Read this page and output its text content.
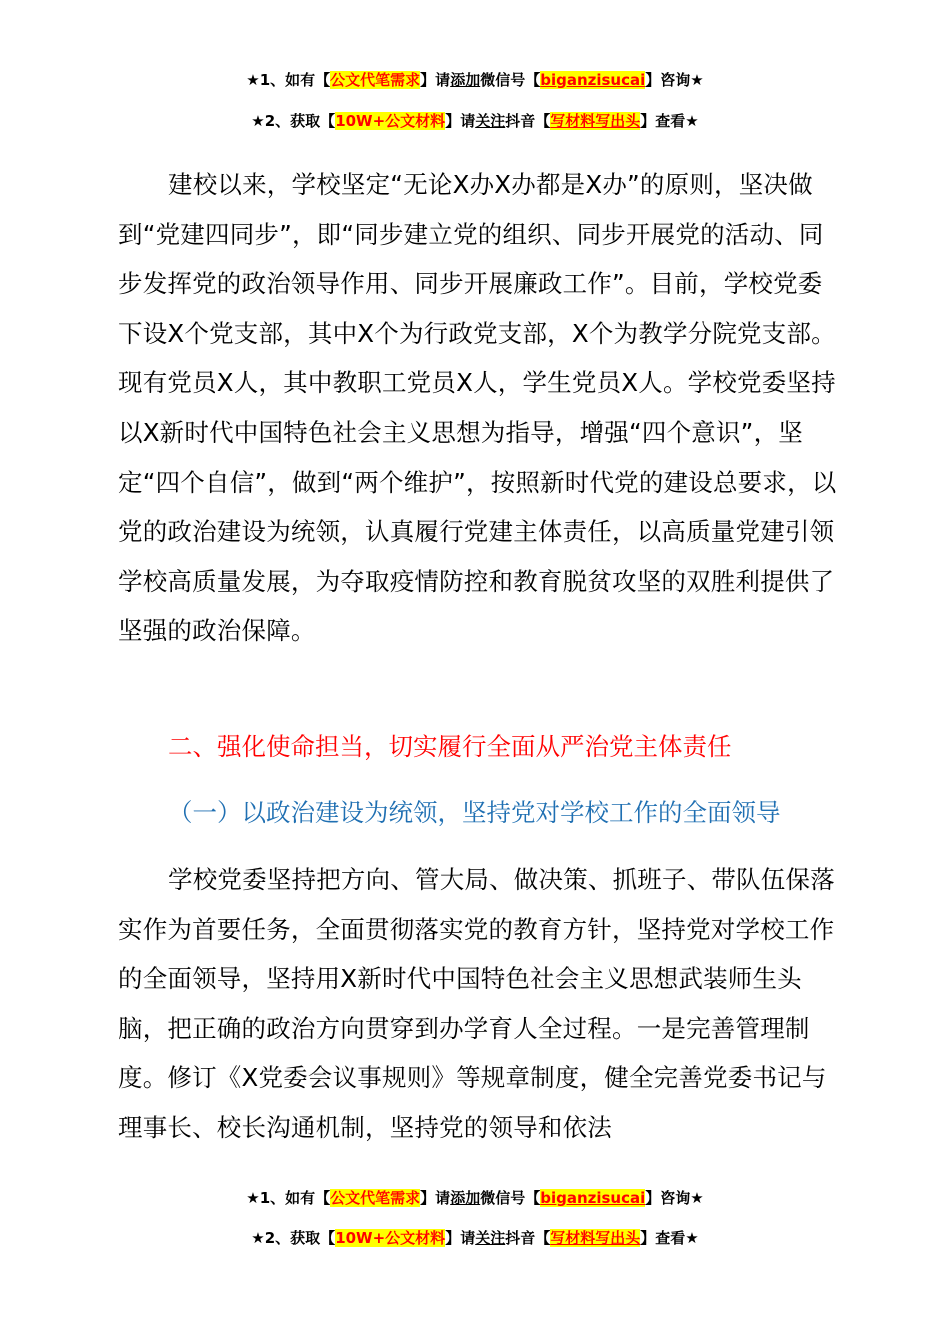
★1、如有【公文代笔需求】请添加微信号【biganzisucai】咨询★
★2、获取【10W+公文材料】请关注抖音【写材料写出头】查看★

建校以来，学校坚定“无论X办X办都是X办”的原则，坚决做到“党建四同步”，即“同步建立党的组织、同步开展党的活动、同步发挥党的政治领导作用、同步开展廉政工作”。目前，学校党委下设X个党支部，其中X个为行政党支部，X个为教学分院党支部。现有党员X人，其中教职工党员X人，学生党员X人。学校党委坚持以X新时代中国特色社会主义思想为指导，增强“四个意识”，坚定“四个自信”，做到“两个维护”，按照新时代党的建设总要求，以党的政治建设为统领，认真履行党建主体责任，以高质量党建引领学校高质量发展，为夺取疫情防控和教育脱贫攻坚的双胜利提供了坚强的政治保障。

二、强化使命担当，切实履行全面从严治党主体责任

（一）以政治建设为统领，坚持党对学校工作的全面领导

学校党委坚持把方向、管大局、做决策、抓班子、带队伍保落实作为首要任务，全面贯彻落实党的教育方针，坚持党对学校工作的全面领导，坚持用X新时代中国特色社会主义思想武装师生头脑，把正确的政治方向贯穿到办学育人全过程。一是完善管理制度。修订《X党委会议事规则》等规章制度，健全完善党委书记与理事长、校长沟通机制，坚持党的领导和依法

★1、如有【公文代笔需求】请添加微信号【biganzisucai】咨询★
★2、获取【10W+公文材料】请关注抖音【写材料写出头】查看★
